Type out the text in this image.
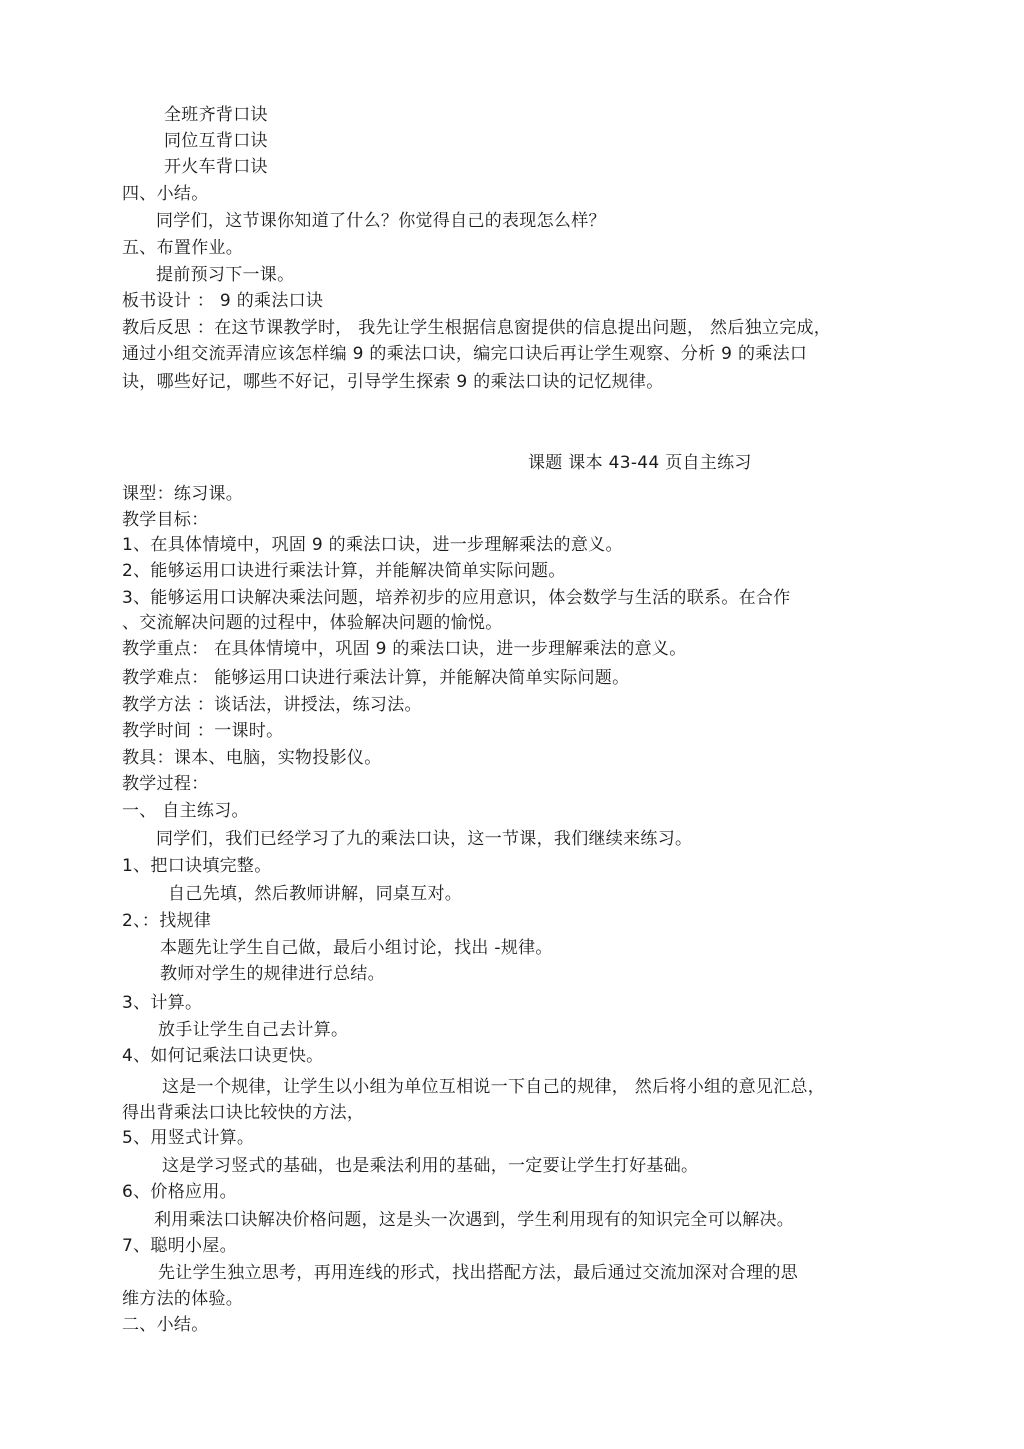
全班齐背口诀
同位互背口诀
开火车背口诀
四、小结。
同学们，这节课你知道了什么？你觉得自己的表现怎么样？
五、布置作业。
提前预习下一课。
板书设计 ： 9 的乘法口诀
教后反思 ：在这节课教学时， 我先让学生根据信息窗提供的信息提出问题， 然后独立完成，
通过小组交流弄清应该怎样编 9 的乘法口诀，编完口诀后再让学生观察、分析 9 的乘法口
诀，哪些好记，哪些不好记，引导学生探索 9 的乘法口诀的记忆规律。
课题 课本 43-44 页自主练习
课型：练习课。
教学目标：
1、在具体情境中，巩固 9 的乘法口诀，进一步理解乘法的意义。
2、能够运用口诀进行乘法计算，并能解决简单实际问题。
3、能够运用口诀解决乘法问题，培养初步的应用意识，体会数学与生活的联系。在合作
、交流解决问题的过程中，体验解决问题的愉悦。
教学重点： 在具体情境中，巩固 9 的乘法口诀，进一步理解乘法的意义。
教学难点： 能够运用口诀进行乘法计算，并能解决简单实际问题。
教学方法 ：谈话法，讲授法，练习法。
教学时间 ：一课时。
教具：课本、电脑，实物投影仪。
教学过程：
一、 自主练习。
同学们，我们已经学习了九的乘法口诀，这一节课，我们继续来练习。
1、把口诀填完整。
自己先填，然后教师讲解，同桌互对。
2、：找规律
本题先让学生自己做，最后小组讨论，找出 -规律。
教师对学生的规律进行总结。
3、计算。
放手让学生自己去计算。
4、如何记乘法口诀更快。
这是一个规律，让学生以小组为单位互相说一下自己的规律， 然后将小组的意见汇总，
得出背乘法口诀比较快的方法，
5、用竖式计算。
这是学习竖式的基础，也是乘法利用的基础，一定要让学生打好基础。
6、价格应用。
利用乘法口诀解决价格问题，这是头一次遇到，学生利用现有的知识完全可以解决。
7、聪明小屋。
先让学生独立思考，再用连线的形式，找出搭配方法，最后通过交流加深对合理的思
维方法的体验。
二、小结。
